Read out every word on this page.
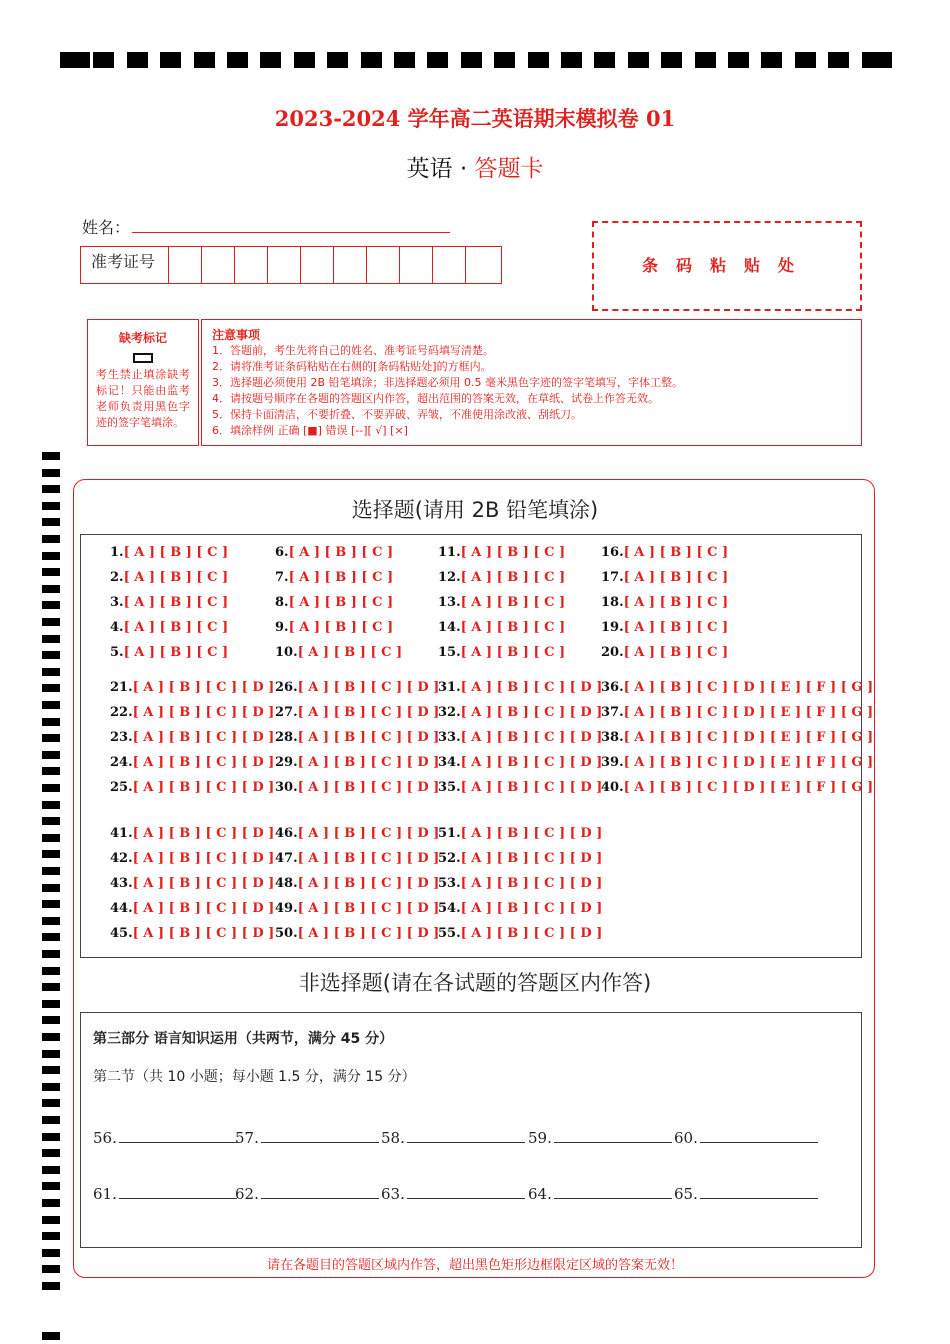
2023-2024 学年高二英语期末模拟卷 01
英语 · 答题卡
姓名：
准考证号	条码粘贴处
缺考标记
考生禁止填涂缺考标记！只能由监考老师负责用黑色字迹的签字笔填涂。
注意事项
1．答题前，考生先将自己的姓名、准考证号码填写清楚。
2．请将准考证条码粘贴在右侧的[条码粘贴处]的方框内。
3．选择题必须使用 2B 铅笔填涂；非选择题必须用 0.5 毫米黑色字迹的签字笔填写，字体工整。
4．请按题号顺序在各题的答题区内作答，超出范围的答案无效，在草纸、试卷上作答无效。
5．保持卡面清洁，不要折叠、不要弄破、弄皱，不准使用涂改液、刮纸刀。
6．填涂样例 正确 [■] 错误 [--][ √] [×]
选择题(请用 2B 铅笔填涂)
1.[ A ] [ B ] [ C ]
2.[ A ] [ B ] [ C ]
3.[ A ] [ B ] [ C ]
4.[ A ] [ B ] [ C ]
5.[ A ] [ B ] [ C ]
6.[ A ] [ B ] [ C ]
7.[ A ] [ B ] [ C ]
8.[ A ] [ B ] [ C ]
9.[ A ] [ B ] [ C ]
10.[ A ] [ B ] [ C ]
11.[ A ] [ B ] [ C ]
12.[ A ] [ B ] [ C ]
13.[ A ] [ B ] [ C ]
14.[ A ] [ B ] [ C ]
15.[ A ] [ B ] [ C ]
16.[ A ] [ B ] [ C ]
17.[ A ] [ B ] [ C ]
18.[ A ] [ B ] [ C ]
19.[ A ] [ B ] [ C ]
20.[ A ] [ B ] [ C ]
21.[ A ] [ B ] [ C ] [ D ]
22.[ A ] [ B ] [ C ] [ D ]
23.[ A ] [ B ] [ C ] [ D ]
24.[ A ] [ B ] [ C ] [ D ]
25.[ A ] [ B ] [ C ] [ D ]
26.[ A ] [ B ] [ C ] [ D ]
27.[ A ] [ B ] [ C ] [ D ]
28.[ A ] [ B ] [ C ] [ D ]
29.[ A ] [ B ] [ C ] [ D ]
30.[ A ] [ B ] [ C ] [ D ]
31.[ A ] [ B ] [ C ] [ D ]
32.[ A ] [ B ] [ C ] [ D ]
33.[ A ] [ B ] [ C ] [ D ]
34.[ A ] [ B ] [ C ] [ D ]
35.[ A ] [ B ] [ C ] [ D ]
36.[ A ] [ B ] [ C ] [ D ] [ E ] [ F ] [ G ]
37.[ A ] [ B ] [ C ] [ D ] [ E ] [ F ] [ G ]
38.[ A ] [ B ] [ C ] [ D ] [ E ] [ F ] [ G ]
39.[ A ] [ B ] [ C ] [ D ] [ E ] [ F ] [ G ]
40.[ A ] [ B ] [ C ] [ D ] [ E ] [ F ] [ G ]
41.[ A ] [ B ] [ C ] [ D ]
42.[ A ] [ B ] [ C ] [ D ]
43.[ A ] [ B ] [ C ] [ D ]
44.[ A ] [ B ] [ C ] [ D ]
45.[ A ] [ B ] [ C ] [ D ]
46.[ A ] [ B ] [ C ] [ D ]
47.[ A ] [ B ] [ C ] [ D ]
48.[ A ] [ B ] [ C ] [ D ]
49.[ A ] [ B ] [ C ] [ D ]
50.[ A ] [ B ] [ C ] [ D ]
51.[ A ] [ B ] [ C ] [ D ]
52.[ A ] [ B ] [ C ] [ D ]
53.[ A ] [ B ] [ C ] [ D ]
54.[ A ] [ B ] [ C ] [ D ]
55.[ A ] [ B ] [ C ] [ D ]
非选择题(请在各试题的答题区内作答)
第三部分 语言知识运用（共两节，满分 45 分）
第二节（共 10 小题；每小题 1.5 分，满分 15 分）
56.	57.	58.	59.	60.
61.	62.	63.	64.	65.
请在各题目的答题区域内作答，超出黑色矩形边框限定区域的答案无效！
